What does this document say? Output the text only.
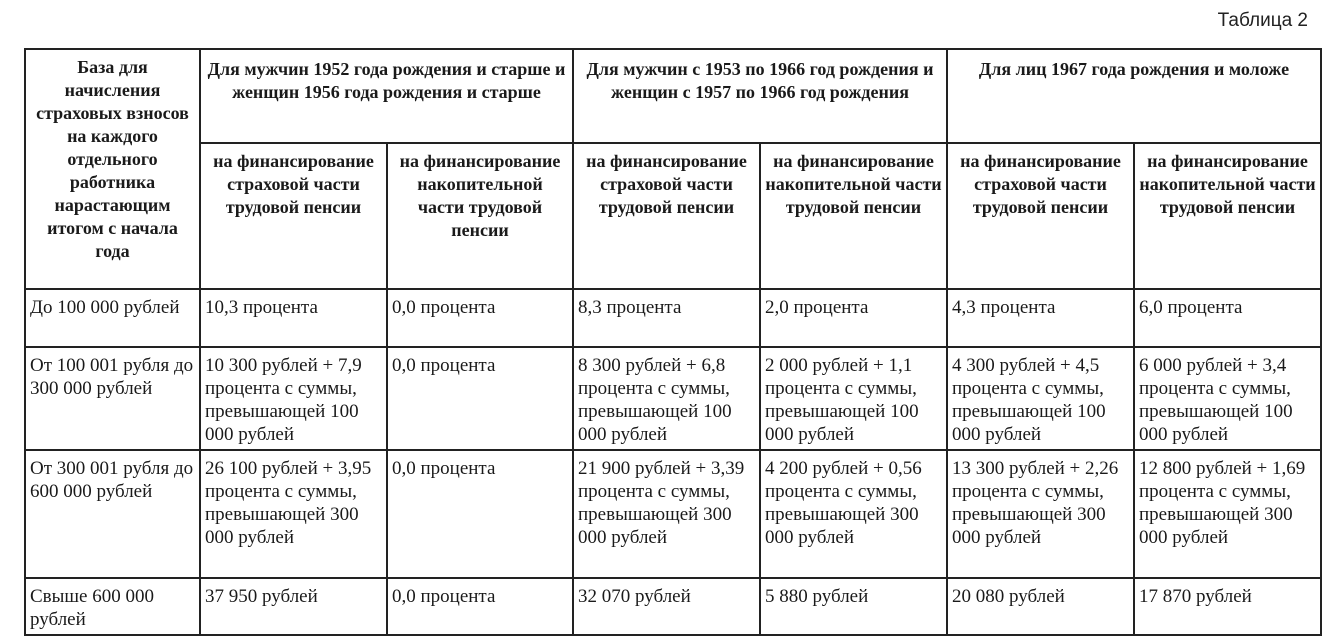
Таблица 2
База для начисления страховых взносов на каждого отдельного работника нарастающим итогом с начала года	Для мужчин 1952 года рождения и старше и женщин 1956 года рождения и старше		Для мужчин с 1953 по 1966 год рождения и женщин с 1957 по 1966 год рождения		Для лиц 1967 года рождения и моложе	
	на финансирование страховой части трудовой пенсии	на финансирование накопительной части трудовой пенсии	на финансирование страховой части трудовой пенсии	на финансирование накопительной части трудовой пенсии	на финансирование страховой части трудовой пенсии	на финансирование накопительной части трудовой пенсии
До 100 000 рублей	10,3 процента	0,0 процента	8,3 процента	2,0 процента	4,3 процента	6,0 процента
От 100 001 рубля до 300 000 рублей	10 300 рублей + 7,9 процента с суммы, превышающей 100 000 рублей	0,0 процента	8 300 рублей + 6,8 процента с суммы, превышающей 100 000 рублей	2 000 рублей + 1,1 процента с суммы, превышающей 100 000 рублей	4 300 рублей + 4,5 процента с суммы, превышающей 100 000 рублей	6 000 рублей + 3,4 процента с суммы, превышающей 100 000 рублей
От 300 001 рубля до 600 000 рублей	26 100 рублей + 3,95 процента с суммы, превышающей 300 000 рублей	0,0 процента	21 900 рублей + 3,39 процента с суммы, превышающей 300 000 рублей	4 200 рублей + 0,56 процента с суммы, превышающей 300 000 рублей	13 300 рублей + 2,26 процента с суммы, превышающей 300 000 рублей	12 800 рублей + 1,69 процента с суммы, превышающей 300 000 рублей
Свыше 600 000 рублей	37 950 рублей	0,0 процента	32 070 рублей	5 880 рублей	20 080 рублей	17 870 рублей
